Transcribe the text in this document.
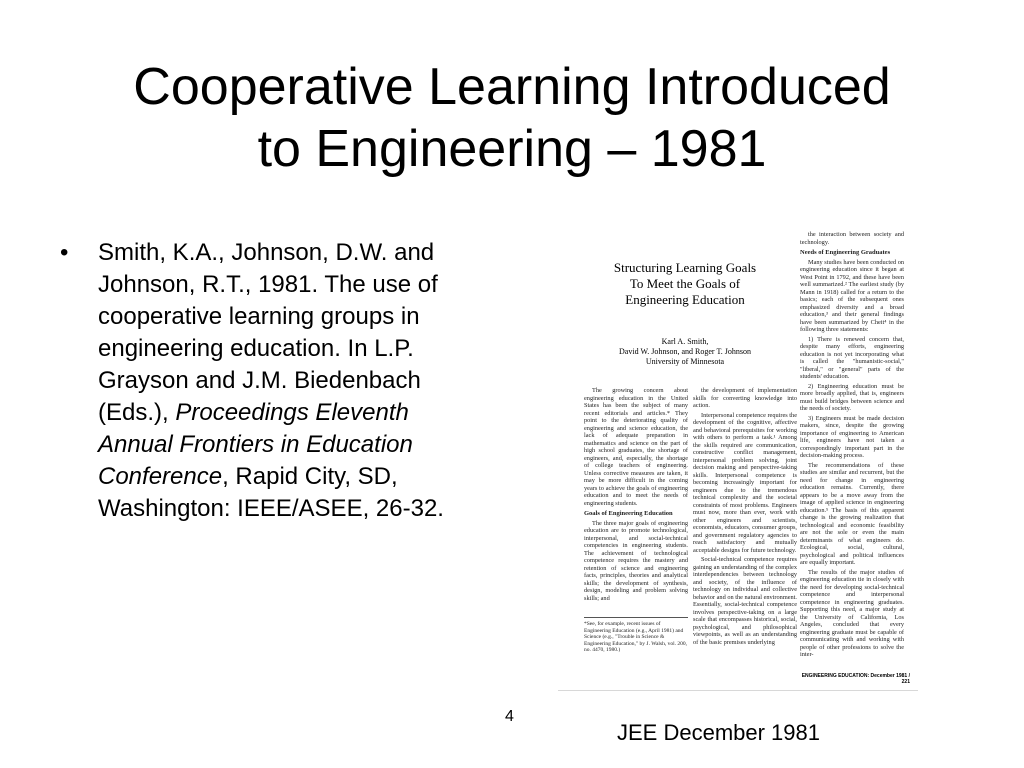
Cooperative Learning Introduced
to Engineering – 1981
•	Smith, K.A., Johnson, D.W. and Johnson, R.T., 1981. The use of cooperative learning groups in engineering education. In L.P. Grayson and J.M. Biedenbach (Eds.), Proceedings Eleventh Annual Frontiers in Education Conference, Rapid City, SD, Washington: IEEE/ASEE, 26-32.
Structuring Learning Goals
To Meet the Goals of
Engineering Education
Karl A. Smith,
David W. Johnson, and Roger T. Johnson
University of Minnesota

The growing concern about engineering education in the United States has been the subject of many recent editorials and articles.* They point to the deteriorating quality of engineering and science education, the lack of adequate preparation in mathematics and science on the part of high school graduates, the shortage of engineers, and, especially, the shortage of college teachers of engineering. Unless corrective measures are taken, it may be more difficult in the coming years to achieve the goals of engineering education and to meet the needs of engineering students.

Goals of Engineering Education

The three major goals of engineering education are to promote technological, interpersonal, and social-technical competencies in engineering students. The achievement of technological competence requires the mastery and retention of science and engineering facts, principles, theories and analytical skills; the development of synthesis, design, modeling and problem solving skills; and

*See, for example, recent issues of Engineering Education (e.g., April 1981) and Science (e.g., "Trouble in Science & Engineering Education," by J. Walsh, vol. 200, no. 4470, 1980.)

the development of implementation skills for converting knowledge into action.

Interpersonal competence requires the development of the cognitive, affective and behavioral prerequisites for working with others to perform a task.¹ Among the skills required are communication, constructive conflict management, interpersonal problem solving, joint decision making and perspective-taking skills. Interpersonal competence is becoming increasingly important for engineers due to the tremendous technical complexity and the societal constraints of most problems. Engineers must now, more than ever, work with other engineers and scientists, economists, educators, consumer groups, and government regulatory agencies to reach satisfactory and mutually acceptable designs for future technology.

Social-technical competence requires gaining an understanding of the complex interdependencies between technology and society, of the influence of technology on individual and collective behavior and on the natural environment. Essentially, social-technical competence involves perspective-taking on a large scale that encompasses historical, social, psychological, and philosophical viewpoints, as well as an understanding of the basic premises underlying

the interaction between society and technology.

Needs of Engineering Graduates

Many studies have been conducted on engineering education since it began at West Point in 1792, and these have been well summarized.² The earliest study (by Mann in 1918) called for a return to the basics; each of the subsequent ones emphasized diversity and a broad education,³ and their general findings have been summarized by Cheit⁴ in the following three statements:

1) There is renewed concern that, despite many efforts, engineering education is not yet incorporating what is called the "humanistic-social," "liberal," or "general" parts of the students' education.

2) Engineering education must be more broadly applied, that is, engineers must build bridges between science and the needs of society.

3) Engineers must be made decision makers, since, despite the growing importance of engineering to American life, engineers have not taken a correspondingly important part in the decision-making process.

The recommendations of these studies are similar and recurrent, but the need for change in engineering education remains. Currently, there appears to be a move away from the image of applied science in engineering education.⁵ The basis of this apparent change is the growing realization that technological and economic feasibility are not the sole or even the main determinants of what engineers do. Ecological, social, cultural, psychological and political influences are equally important.

The results of the major studies of engineering education tie in closely with the need for developing social-technical competence and interpersonal competence in engineering graduates. Supporting this need, a major study at the University of California, Los Angeles, concluded that every engineering graduate must be capable of communicating with and working with people of other professions to solve the inter-

ENGINEERING EDUCATION: December 1981 / 221
4
JEE December 1981
